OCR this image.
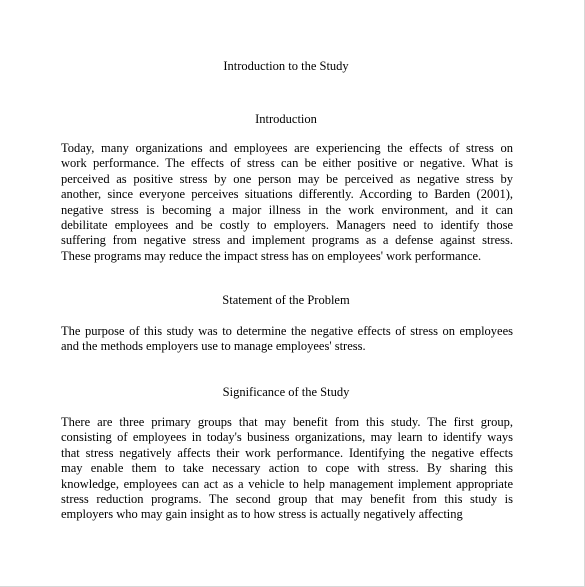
Introduction to the Study
Introduction
Today, many organizations and employees are experiencing the effects of stress on
work performance. The effects of stress can be either positive or negative. What is
perceived as positive stress by one person may be perceived as negative stress by
another, since everyone perceives situations differently. According to Barden (2001),
negative stress is becoming a major illness in the work environment, and it can
debilitate employees and be costly to employers. Managers need to identify those
suffering from negative stress and implement programs as a defense against stress.
These programs may reduce the impact stress has on employees' work performance.
Statement of the Problem
The purpose of this study was to determine the negative effects of stress on employees
and the methods employers use to manage employees' stress.
Significance of the Study
There are three primary groups that may benefit from this study. The first group,
consisting of employees in today's business organizations, may learn to identify ways
that stress negatively affects their work performance. Identifying the negative effects
may enable them to take necessary action to cope with stress. By sharing this
knowledge, employees can act as a vehicle to help management implement appropriate
stress reduction programs. The second group that may benefit from this study is
employers who may gain insight as to how stress is actually negatively affecting
